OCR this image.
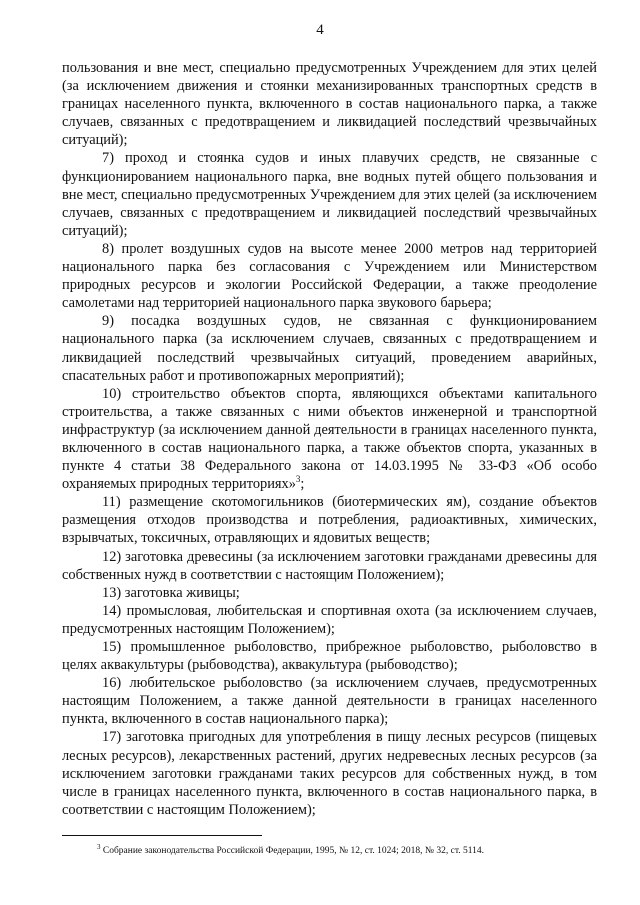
4

пользования и вне мест, специально предусмотренных Учреждением для этих целей (за исключением движения и стоянки механизированных транспортных средств в границах населенного пункта, включенного в состав национального парка, а также случаев, связанных с предотвращением и ликвидацией последствий чрезвычайных ситуаций);

7) проход и стоянка судов и иных плавучих средств, не связанные с функционированием национального парка, вне водных путей общего пользования и вне мест, специально предусмотренных Учреждением для этих целей (за исключением случаев, связанных с предотвращением и ликвидацией последствий чрезвычайных ситуаций);

8) пролет воздушных судов на высоте менее 2000 метров над территорией национального парка без согласования с Учреждением или Министерством природных ресурсов и экологии Российской Федерации, а также преодоление самолетами над территорией национального парка звукового барьера;

9) посадка воздушных судов, не связанная с функционированием национального парка (за исключением случаев, связанных с предотвращением и ликвидацией последствий чрезвычайных ситуаций, проведением аварийных, спасательных работ и противопожарных мероприятий);

10) строительство объектов спорта, являющихся объектами капитального строительства, а также связанных с ними объектов инженерной и транспортной инфраструктур (за исключением данной деятельности в границах населенного пункта, включенного в состав национального парка, а также объектов спорта, указанных в пункте 4 статьи 38 Федерального закона от 14.03.1995 № 33-ФЗ «Об особо охраняемых природных территориях»$^3$;

11) размещение скотомогильников (биотермических ям), создание объектов размещения отходов производства и потребления, радиоактивных, химических, взрывчатых, токсичных, отравляющих и ядовитых веществ;

12) заготовка древесины (за исключением заготовки гражданами древесины для собственных нужд в соответствии с настоящим Положением);

13) заготовка живицы;

14) промысловая, любительская и спортивная охота (за исключением случаев, предусмотренных настоящим Положением);

15) промышленное рыболовство, прибрежное рыболовство, рыболовство в целях аквакультуры (рыбоводства), аквакультура (рыбоводство);

16) любительское рыболовство (за исключением случаев, предусмотренных настоящим Положением, а также данной деятельности в границах населенного пункта, включенного в состав национального парка);

17) заготовка пригодных для употребления в пищу лесных ресурсов (пищевых лесных ресурсов), лекарственных растений, других недревесных лесных ресурсов (за исключением заготовки гражданами таких ресурсов для собственных нужд, в том числе в границах населенного пункта, включенного в состав национального парка, в соответствии с настоящим Положением);

$^3$ Собрание законодательства Российской Федерации, 1995, № 12, ст. 1024; 2018, № 32, ст. 5114.
